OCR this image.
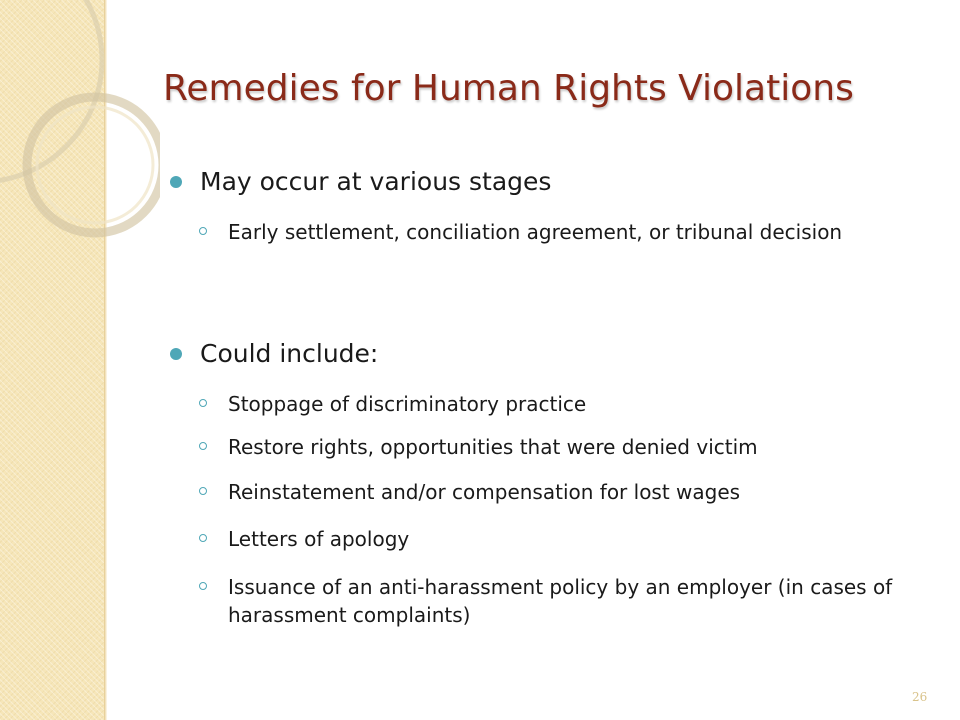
Remedies for Human Rights Violations
May occur at various stages
Early settlement, conciliation agreement, or tribunal decision
Could include:
Stoppage of discriminatory practice
Restore rights, opportunities that were denied victim
Reinstatement and/or compensation for lost wages
Letters of apology
Issuance of an anti-harassment policy by an employer (in cases of harassment complaints)
26
